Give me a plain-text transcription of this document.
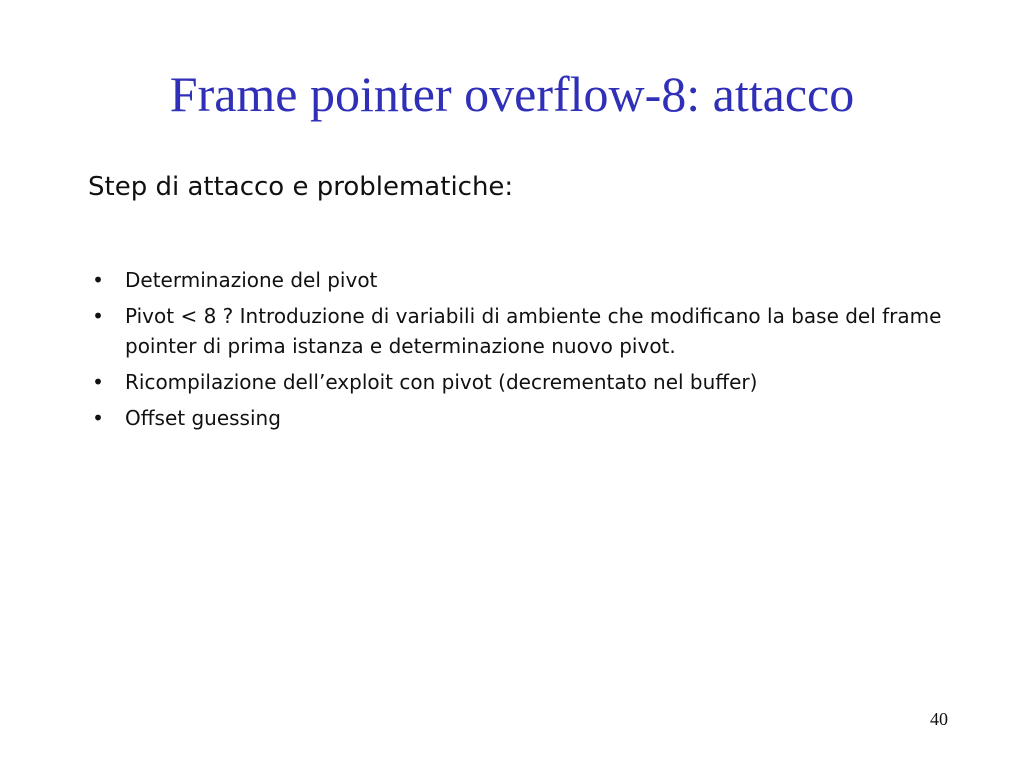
Frame pointer overflow-8: attacco
Step di attacco e problematiche:
• Determinazione del pivot
• Pivot < 8 ? Introduzione di variabili di ambiente che modificano la base del frame pointer di prima istanza e determinazione nuovo pivot.
• Ricompilazione dell’exploit con pivot (decrementato nel buffer)
• Offset guessing
40
